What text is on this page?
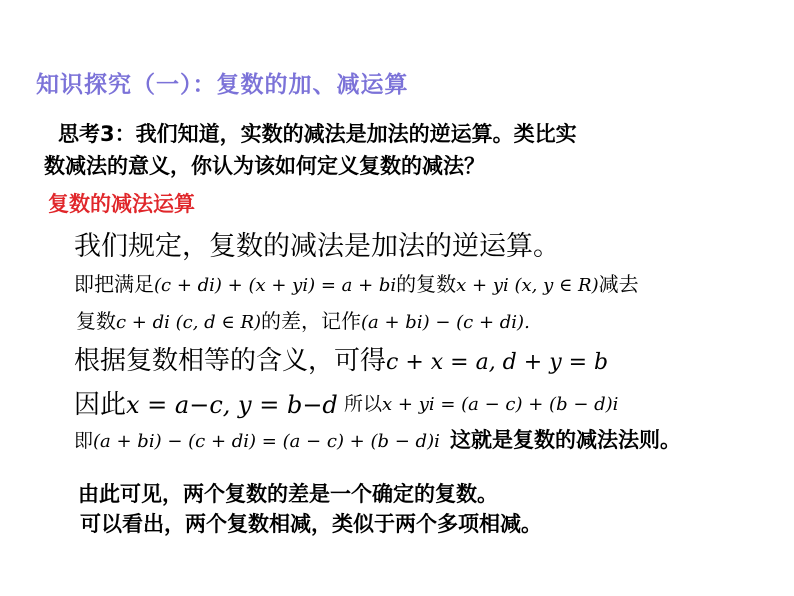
知识探究（一）：复数的加、减运算
思考3：我们知道，实数的减法是加法的逆运算。类比实
数减法的意义，你认为该如何定义复数的减法？
复数的减法运算
我们规定，复数的减法是加法的逆运算。
即把满足(c + di) + (x + yi) = a + bi的复数x + yi (x, y ∈ R)减去
复数c + di (c, d ∈ R)的差，记作(a + bi) − (c + di).
根据复数相等的含义，可得c + x = a, d + y = b
因此x = a−c, y = b−d 所以x + yi = (a − c) + (b − d)i
即(a + bi) − (c + di) = (a − c) + (b − d)i 这就是复数的减法法则。
由此可见，两个复数的差是一个确定的复数。
可以看出，两个复数相减，类似于两个多项相减。
